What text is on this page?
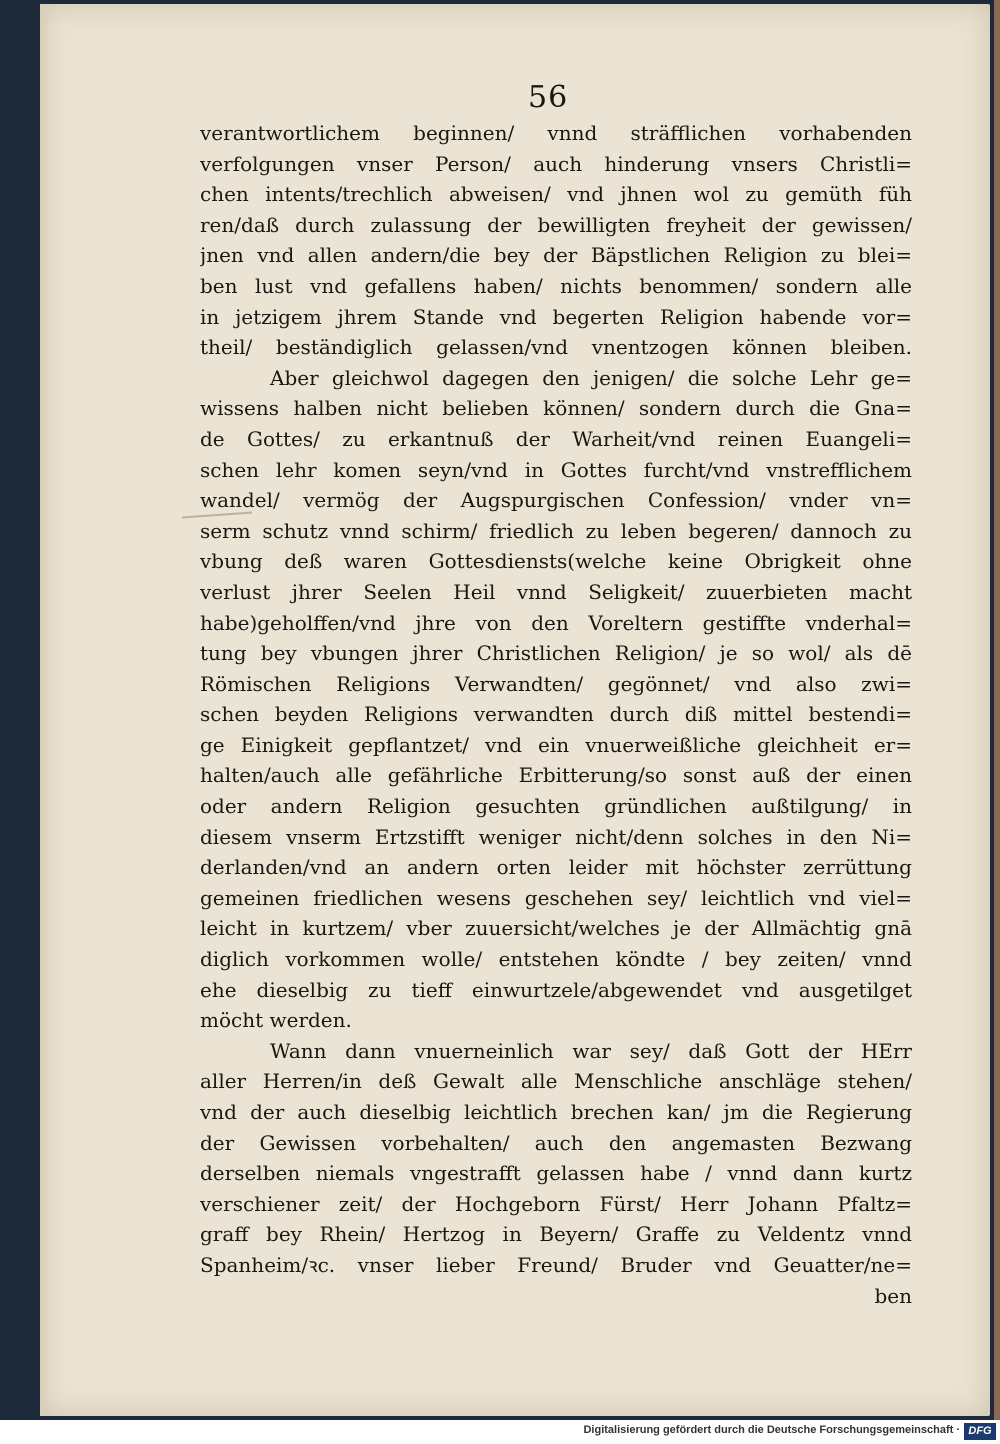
56
verantwortlichem beginnen/ vnnd sträfflichen vorhabenden
verfolgungen vnser Person/ auch hinderung vnsers Christli=
chen intents/trechlich abweisen/ vnd jhnen wol zu gemüth füh
ren/daß durch zulassung der bewilligten freyheit der gewissen/
jnen vnd allen andern/die bey der Bäpstlichen Religion zu blei=
ben lust vnd gefallens haben/ nichts benommen/ sondern alle
in jetzigem jhrem Stande vnd begerten Religion habende vor=
theil/ beständiglich gelassen/vnd vnentzogen können bleiben.
Aber gleichwol dagegen den jenigen/ die solche Lehr ge=
wissens halben nicht belieben können/ sondern durch die Gna=
de Gottes/ zu erkantnuß der Warheit/vnd reinen Euangeli=
schen lehr komen seyn/vnd in Gottes furcht/vnd vnstrefflichem
wandel/ vermög der Augspurgischen Confession/ vnder vn=
serm schutz vnnd schirm/ friedlich zu leben begeren/ dannoch zu
vbung deß waren Gottesdiensts(welche keine Obrigkeit ohne
verlust jhrer Seelen Heil vnnd Seligkeit/ zuuerbieten macht
habe)geholffen/vnd jhre von den Voreltern gestiffte vnderhal=
tung bey vbungen jhrer Christlichen Religion/ je so wol/ als dē
Römischen Religions Verwandten/ gegönnet/ vnd also zwi=
schen beyden Religions verwandten durch diß mittel bestendi=
ge Einigkeit gepflantzet/ vnd ein vnuerweißliche gleichheit er=
halten/auch alle gefährliche Erbitterung/so sonst auß der einen
oder andern Religion gesuchten gründlichen außtilgung/ in
diesem vnserm Ertzstifft weniger nicht/denn solches in den Ni=
derlanden/vnd an andern orten leider mit höchster zerrüttung
gemeinen friedlichen wesens geschehen sey/ leichtlich vnd viel=
leicht in kurtzem/ vber zuuersicht/welches je der Allmächtig gnā
diglich vorkommen wolle/ entstehen köndte / bey zeiten/ vnnd
ehe dieselbig zu tieff einwurtzele/abgewendet vnd ausgetilget
möcht werden.
Wann dann vnuerneinlich war sey/ daß Gott der HErr
aller Herren/in deß Gewalt alle Menschliche anschläge stehen/
vnd der auch dieselbig leichtlich brechen kan/ jm die Regierung
der Gewissen vorbehalten/ auch den angemasten Bezwang
derselben niemals vngestrafft gelassen habe / vnnd dann kurtz
verschiener zeit/ der Hochgeborn Fürst/ Herr Johann Pfaltz=
graff bey Rhein/ Hertzog in Beyern/ Graffe zu Veldentz vnnd
Spanheim/ꝛc. vnser lieber Freund/ Bruder vnd Geuatter/ne=
ben
Digitalisierung gefördert durch die Deutsche Forschungsgemeinschaft · DFG
